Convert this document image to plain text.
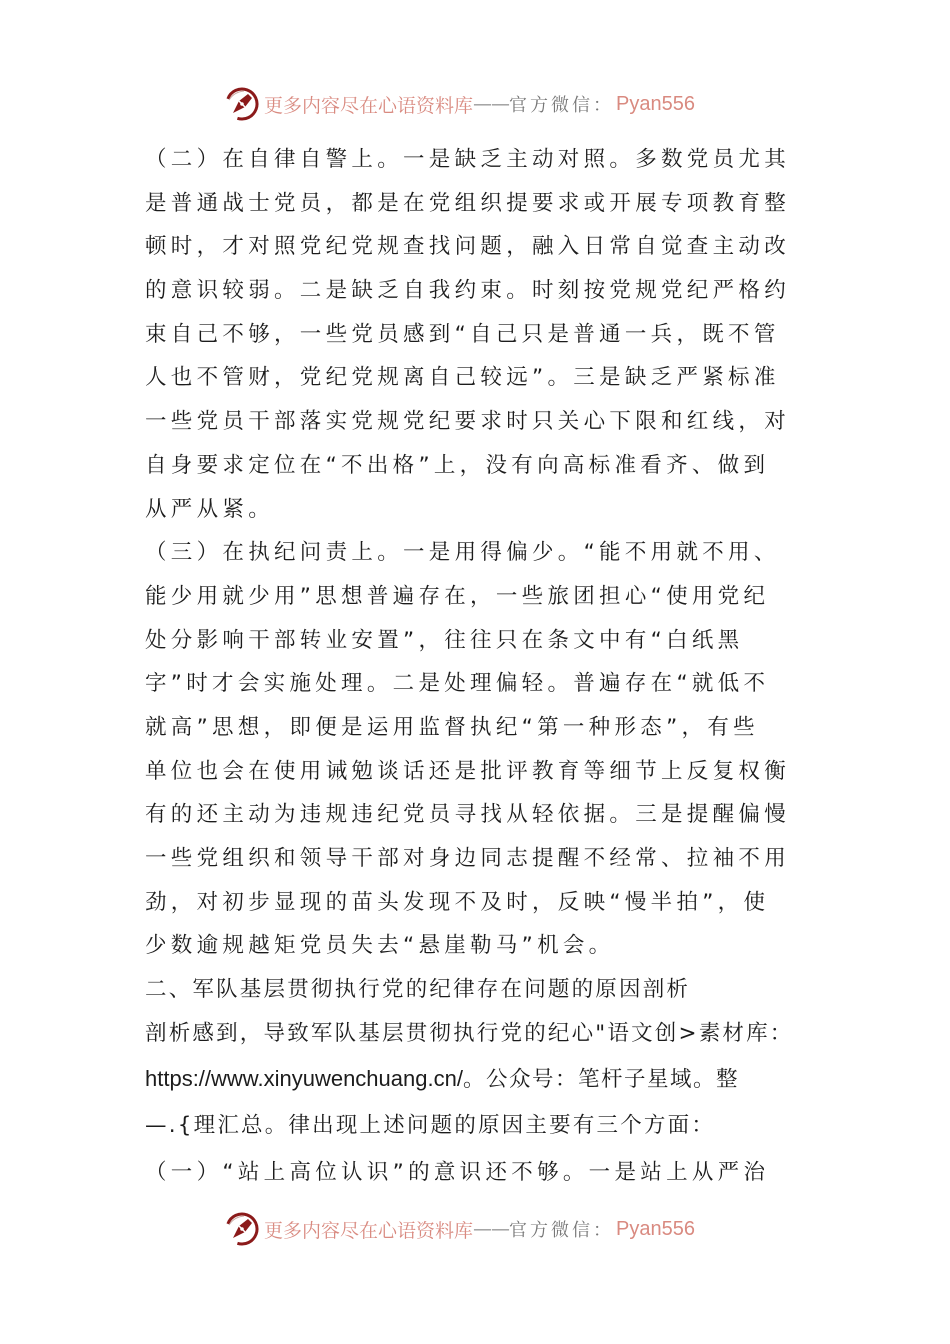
更多内容尽在心语资料库 —— 官方微信： Pyan556
（二）在自律自警上。一是缺乏主动对照。多数党员尤其
是普通战士党员，都是在党组织提要求或开展专项教育整
顿时，才对照党纪党规查找问题，融入日常自觉查主动改
的意识较弱。二是缺乏自我约束。时刻按党规党纪严格约
束自己不够，一些党员感到“自己只是普通一兵，既不管
人也不管财，党纪党规离自己较远”。三是缺乏严紧标准
一些党员干部落实党规党纪要求时只关心下限和红线，对
自身要求定位在“不出格”上，没有向高标准看齐、做到
从严从紧。
（三）在执纪问责上。一是用得偏少。“能不用就不用、
能少用就少用”思想普遍存在，一些旅团担心“使用党纪
处分影响干部转业安置”，往往只在条文中有“白纸黑
字”时才会实施处理。二是处理偏轻。普遍存在“就低不
就高”思想，即便是运用监督执纪“第一种形态”，有些
单位也会在使用诫勉谈话还是批评教育等细节上反复权衡
有的还主动为违规违纪党员寻找从轻依据。三是提醒偏慢
一些党组织和领导干部对身边同志提醒不经常、拉袖不用
劲，对初步显现的苗头发现不及时，反映“慢半拍”，使
少数逾规越矩党员失去“悬崖勒马”机会。
二、军队基层贯彻执行党的纪律存在问题的原因剖析
剖析感到，导致军队基层贯彻执行党的纪心"语文创>素材库：
https://www.xinyuwenchuang.cn/。公众号：笔杆子星域。整
—.{理汇总。律出现上述问题的原因主要有三个方面：
（一）“站上高位认识”的意识还不够。一是站上从严治
更多内容尽在心语资料库 —— 官方微信： Pyan556
